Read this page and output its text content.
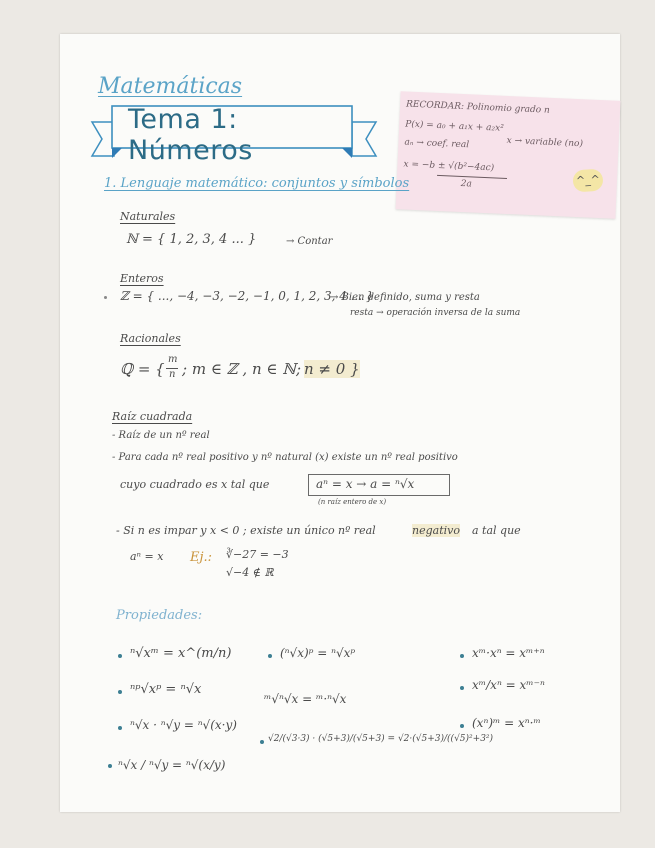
Matemáticas
Tema 1: Números
RECORDAR: Polinomio grado n
P(x) = a₀ + a₁x + a₂x²
aₙ → coef. real	x → variable (no)
x = −b ± √(b²−4ac)
2a	^_^
1. Lenguaje matemático: conjuntos y símbolos
Naturales
ℕ = { 1, 2, 3, 4 ... }	→ Contar
Enteros
ℤ = { ..., −4, −3, −2, −1, 0, 1, 2, 3, 4 ... }
→ Bien definido, suma y resta
resta → operación inversa de la suma
Racionales
ℚ = {
m
n ; m ∈ ℤ , n ∈ ℕ; n ≠ 0 }
Raíz cuadrada
- Raíz de un nº real
- Para cada nº real positivo y nº natural (x) existe un nº real positivo
cuyo cuadrado es x tal que	aⁿ = x → a = ⁿ√x
(n raíz entero de x)
- Si n es impar y x < 0 ; existe un único nº real	negativo a tal que
aⁿ = x Ej.: ∛−27 = −3
√−4 ∉ ℝ
Propiedades:
ⁿ√xᵐ = x^(m/n)
ⁿᵖ√xᵖ = ⁿ√x
ⁿ√x · ⁿ√y = ⁿ√(x·y)
ⁿ√x / ⁿ√y = ⁿ√(x/y)
(ⁿ√x)ᵖ = ⁿ√xᵖ
ᵐ√ⁿ√x = ᵐ·ⁿ√x
√2/(√3·3) · (√5+3)/(√5+3) = √2·(√5+3)/((√5)²+3²)
xᵐ·xⁿ = xᵐ⁺ⁿ
xᵐ/xⁿ = xᵐ⁻ⁿ
(xⁿ)ᵐ = xⁿ·ᵐ
